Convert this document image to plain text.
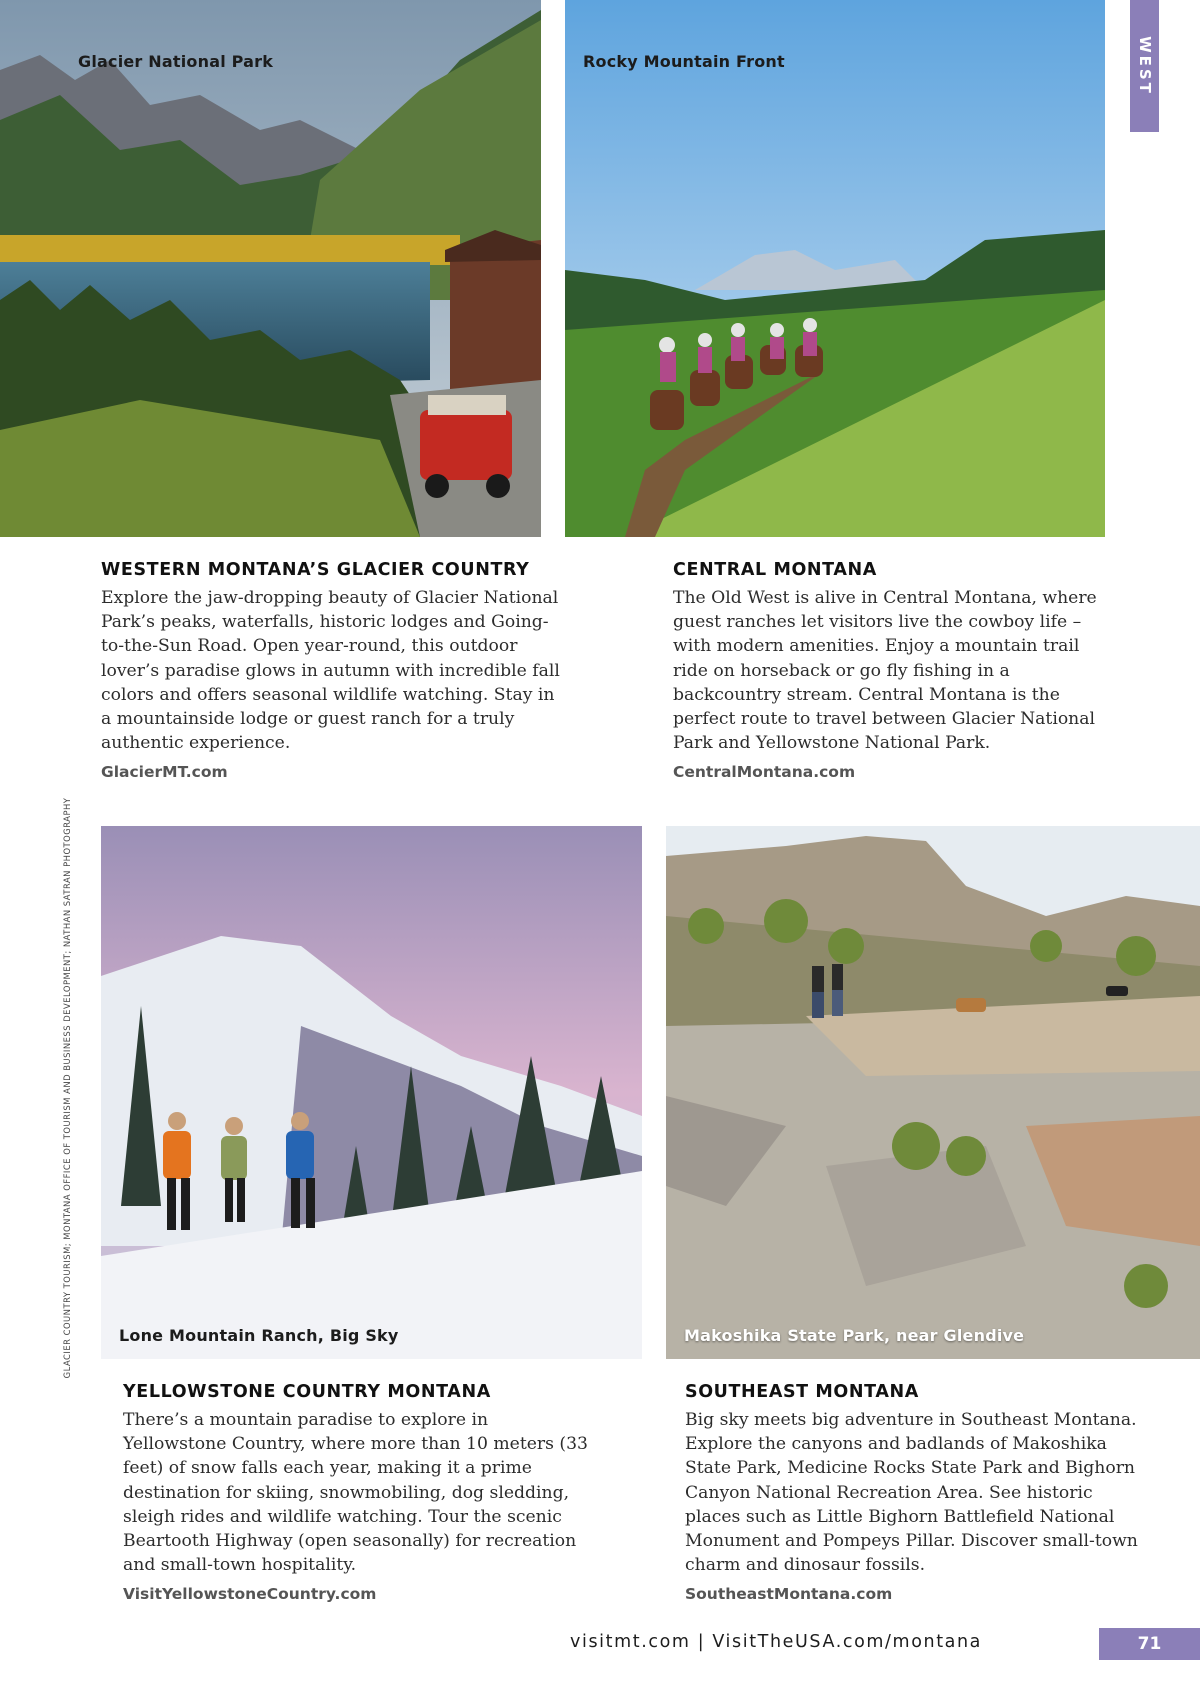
WEST
Glacier National Park	Rocky Mountain Front
WESTERN MONTANA’S GLACIER COUNTRY

Explore the jaw-dropping beauty of Glacier National Park’s peaks, waterfalls, historic lodges and Going-to-the-Sun Road. Open year-round, this outdoor lover’s paradise glows in autumn with incredible fall colors and offers seasonal wildlife watching. Stay in a mountainside lodge or guest ranch for a truly authentic experience.

GlacierMT.com
CENTRAL MONTANA

The Old West is alive in Central Montana, where guest ranches let visitors live the cowboy life – with modern amenities. Enjoy a mountain trail ride on horseback or go fly fishing in a backcountry stream. Central Montana is the perfect route to travel between Glacier National Park and Yellowstone National Park.

CentralMontana.com
Lone Mountain Ranch, Big Sky	Makoshika State Park, near Glendive
YELLOWSTONE COUNTRY MONTANA

There’s a mountain paradise to explore in Yellowstone Country, where more than 10 meters (33 feet) of snow falls each year, making it a prime destination for skiing, snowmobiling, dog sledding, sleigh rides and wildlife watching. Tour the scenic Beartooth Highway (open seasonally) for recreation and small-town hospitality.

VisitYellowstoneCountry.com
SOUTHEAST MONTANA

Big sky meets big adventure in Southeast Montana. Explore the canyons and badlands of Makoshika State Park, Medicine Rocks State Park and Bighorn Canyon National Recreation Area. See historic places such as Little Bighorn Battlefield National Monument and Pompeys Pillar. Discover small-town charm and dinosaur fossils.

SoutheastMontana.com
GLACIER COUNTRY TOURISM; MONTANA OFFICE OF TOURISM AND BUSINESS DEVELOPMENT; NATHAN SATRAN PHOTOGRAPHY
visitmt.com | VisitTheUSA.com/montana	71
